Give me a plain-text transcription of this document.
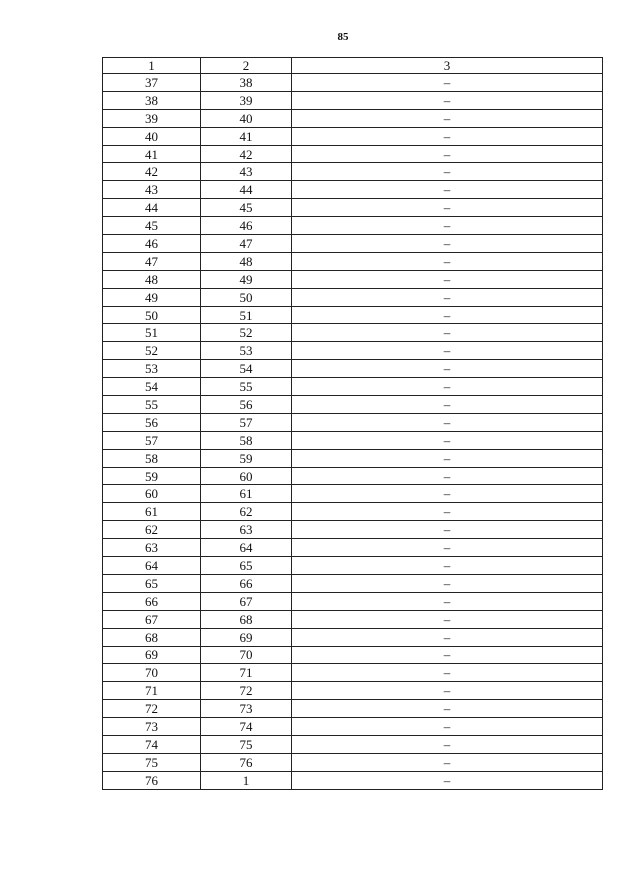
85
1	2	3
37	38	–
38	39	–
39	40	–
40	41	–
41	42	–
42	43	–
43	44	–
44	45	–
45	46	–
46	47	–
47	48	–
48	49	–
49	50	–
50	51	–
51	52	–
52	53	–
53	54	–
54	55	–
55	56	–
56	57	–
57	58	–
58	59	–
59	60	–
60	61	–
61	62	–
62	63	–
63	64	–
64	65	–
65	66	–
66	67	–
67	68	–
68	69	–
69	70	–
70	71	–
71	72	–
72	73	–
73	74	–
74	75	–
75	76	–
76	1	–
